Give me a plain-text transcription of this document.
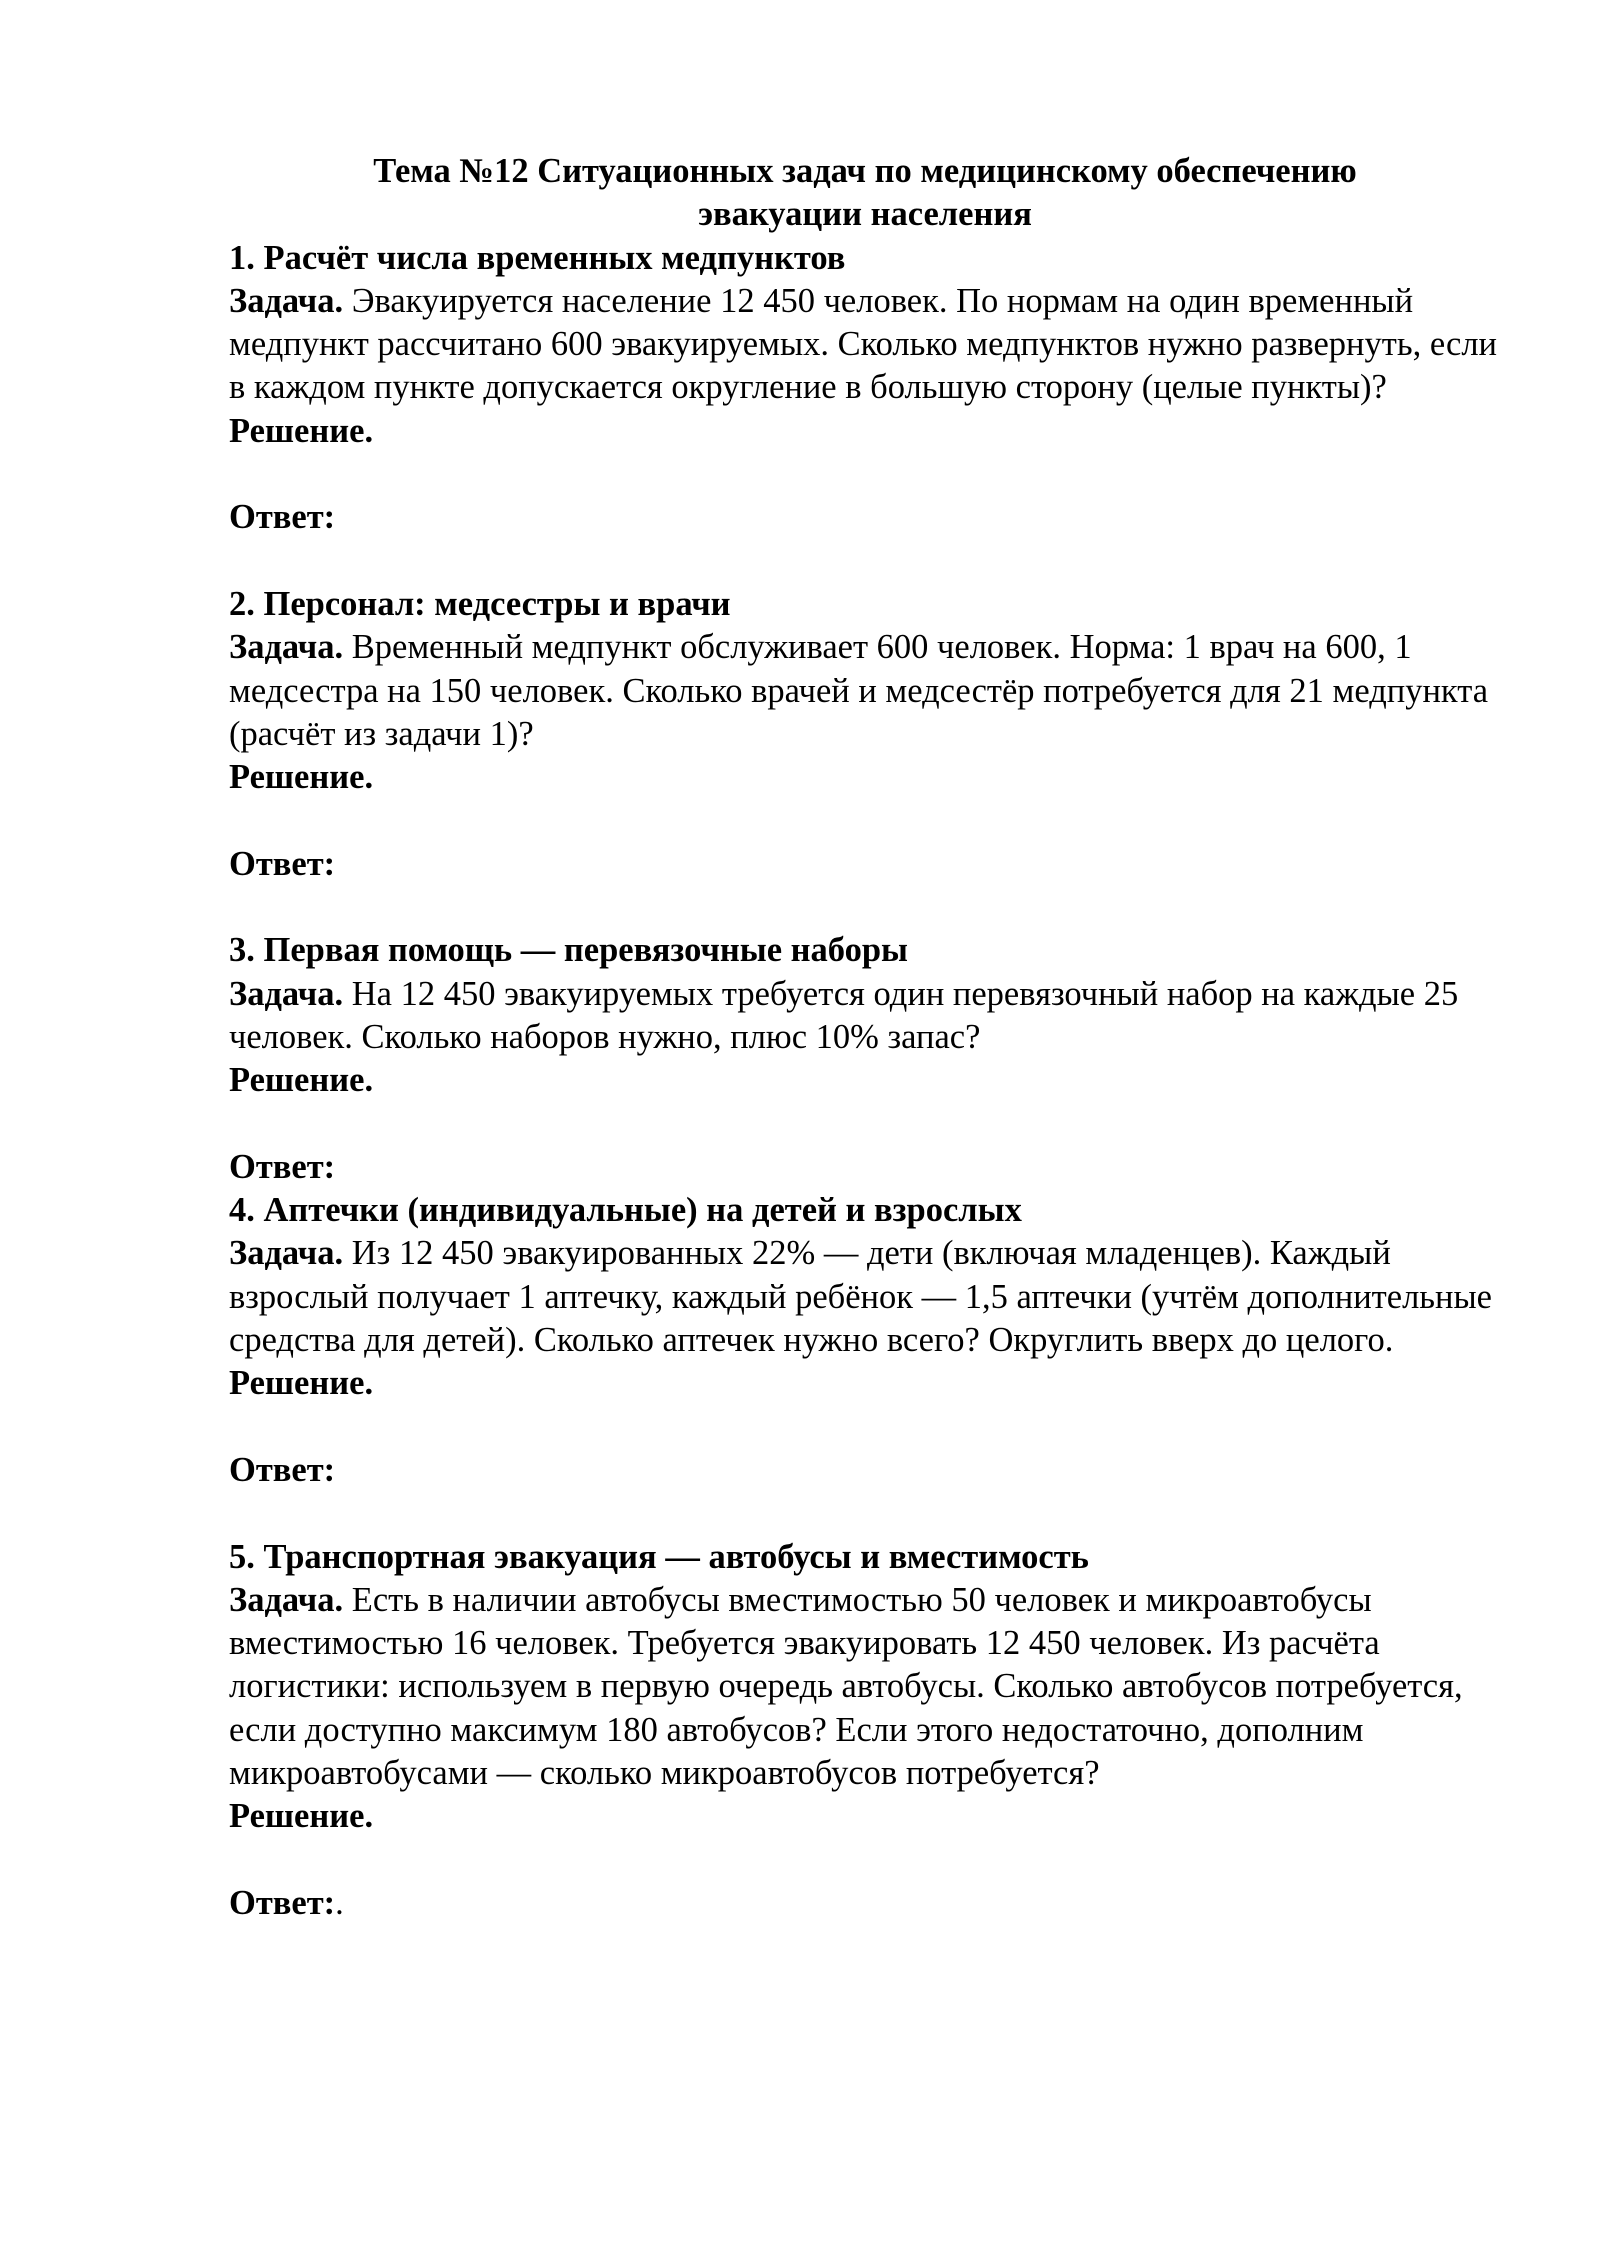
Тема №12 Ситуационных задач по медицинскому обеспечению
эвакуации населения

1. Расчёт числа временных медпунктов

Задача. Эвакуируется население 12 450 человек. По нормам на один временный медпункт рассчитано 600 эвакуируемых. Сколько медпунктов нужно развернуть, если в каждом пункте допускается округление в большую сторону (целые пункты)?

Решение.

Ответ:

2. Персонал: медсестры и врачи

Задача. Временный медпункт обслуживает 600 человек. Норма: 1 врач на 600, 1 медсестра на 150 человек. Сколько врачей и медсестёр потребуется для 21 медпункта (расчёт из задачи 1)?

Решение.

Ответ:

3. Первая помощь — перевязочные наборы

Задача. На 12 450 эвакуируемых требуется один перевязочный набор на каждые 25 человек. Сколько наборов нужно, плюс 10% запас?

Решение.

Ответ:

4. Аптечки (индивидуальные) на детей и взрослых

Задача. Из 12 450 эвакуированных 22% — дети (включая младенцев). Каждый взрослый получает 1 аптечку, каждый ребёнок — 1,5 аптечки (учтём дополнительные средства для детей). Сколько аптечек нужно всего? Округлить вверх до целого.

Решение.

Ответ:

5. Транспортная эвакуация — автобусы и вместимость

Задача. Есть в наличии автобусы вместимостью 50 человек и микроавтобусы вместимостью 16 человек. Требуется эвакуировать 12 450 человек. Из расчёта логистики: используем в первую очередь автобусы. Сколько автобусов потребуется, если доступно максимум 180 автобусов? Если этого недостаточно, дополним микроавтобусами — сколько микроавтобусов потребуется?

Решение.

Ответ:.
